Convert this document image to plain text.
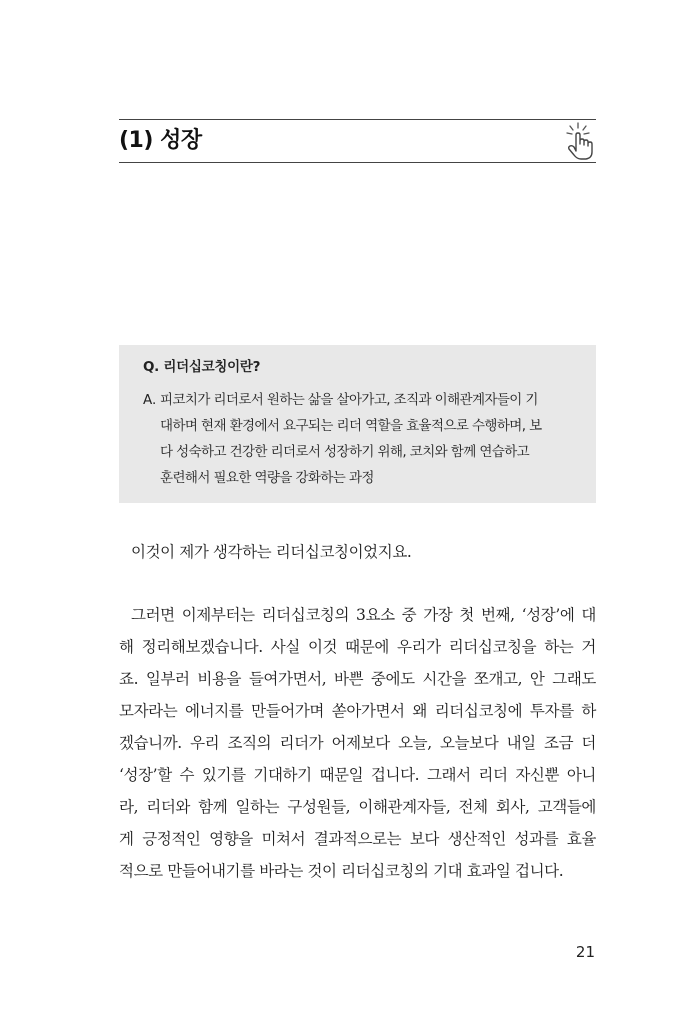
(1) 성장
Q. 리더십코칭이란?
A. 피코치가 리더로서 원하는 삶을 살아가고, 조직과 이해관계자들이 기
대하며 현재 환경에서 요구되는 리더 역할을 효율적으로 수행하며, 보
다 성숙하고 건강한 리더로서 성장하기 위해, 코치와 함께 연습하고
훈련해서 필요한 역량을 강화하는 과정
이것이 제가 생각하는 리더십코칭이었지요.
그러면 이제부터는 리더십코칭의 3요소 중 가장 첫 번째, ‘성장’에 대
해 정리해보겠습니다. 사실 이것 때문에 우리가 리더십코칭을 하는 거
죠. 일부러 비용을 들여가면서, 바쁜 중에도 시간을 쪼개고, 안 그래도
모자라는 에너지를 만들어가며 쏟아가면서 왜 리더십코칭에 투자를 하
겠습니까. 우리 조직의 리더가 어제보다 오늘, 오늘보다 내일 조금 더
‘성장’할 수 있기를 기대하기 때문일 겁니다. 그래서 리더 자신뿐 아니
라, 리더와 함께 일하는 구성원들, 이해관계자들, 전체 회사, 고객들에
게 긍정적인 영향을 미쳐서 결과적으로는 보다 생산적인 성과를 효율
적으로 만들어내기를 바라는 것이 리더십코칭의 기대 효과일 겁니다.
21
